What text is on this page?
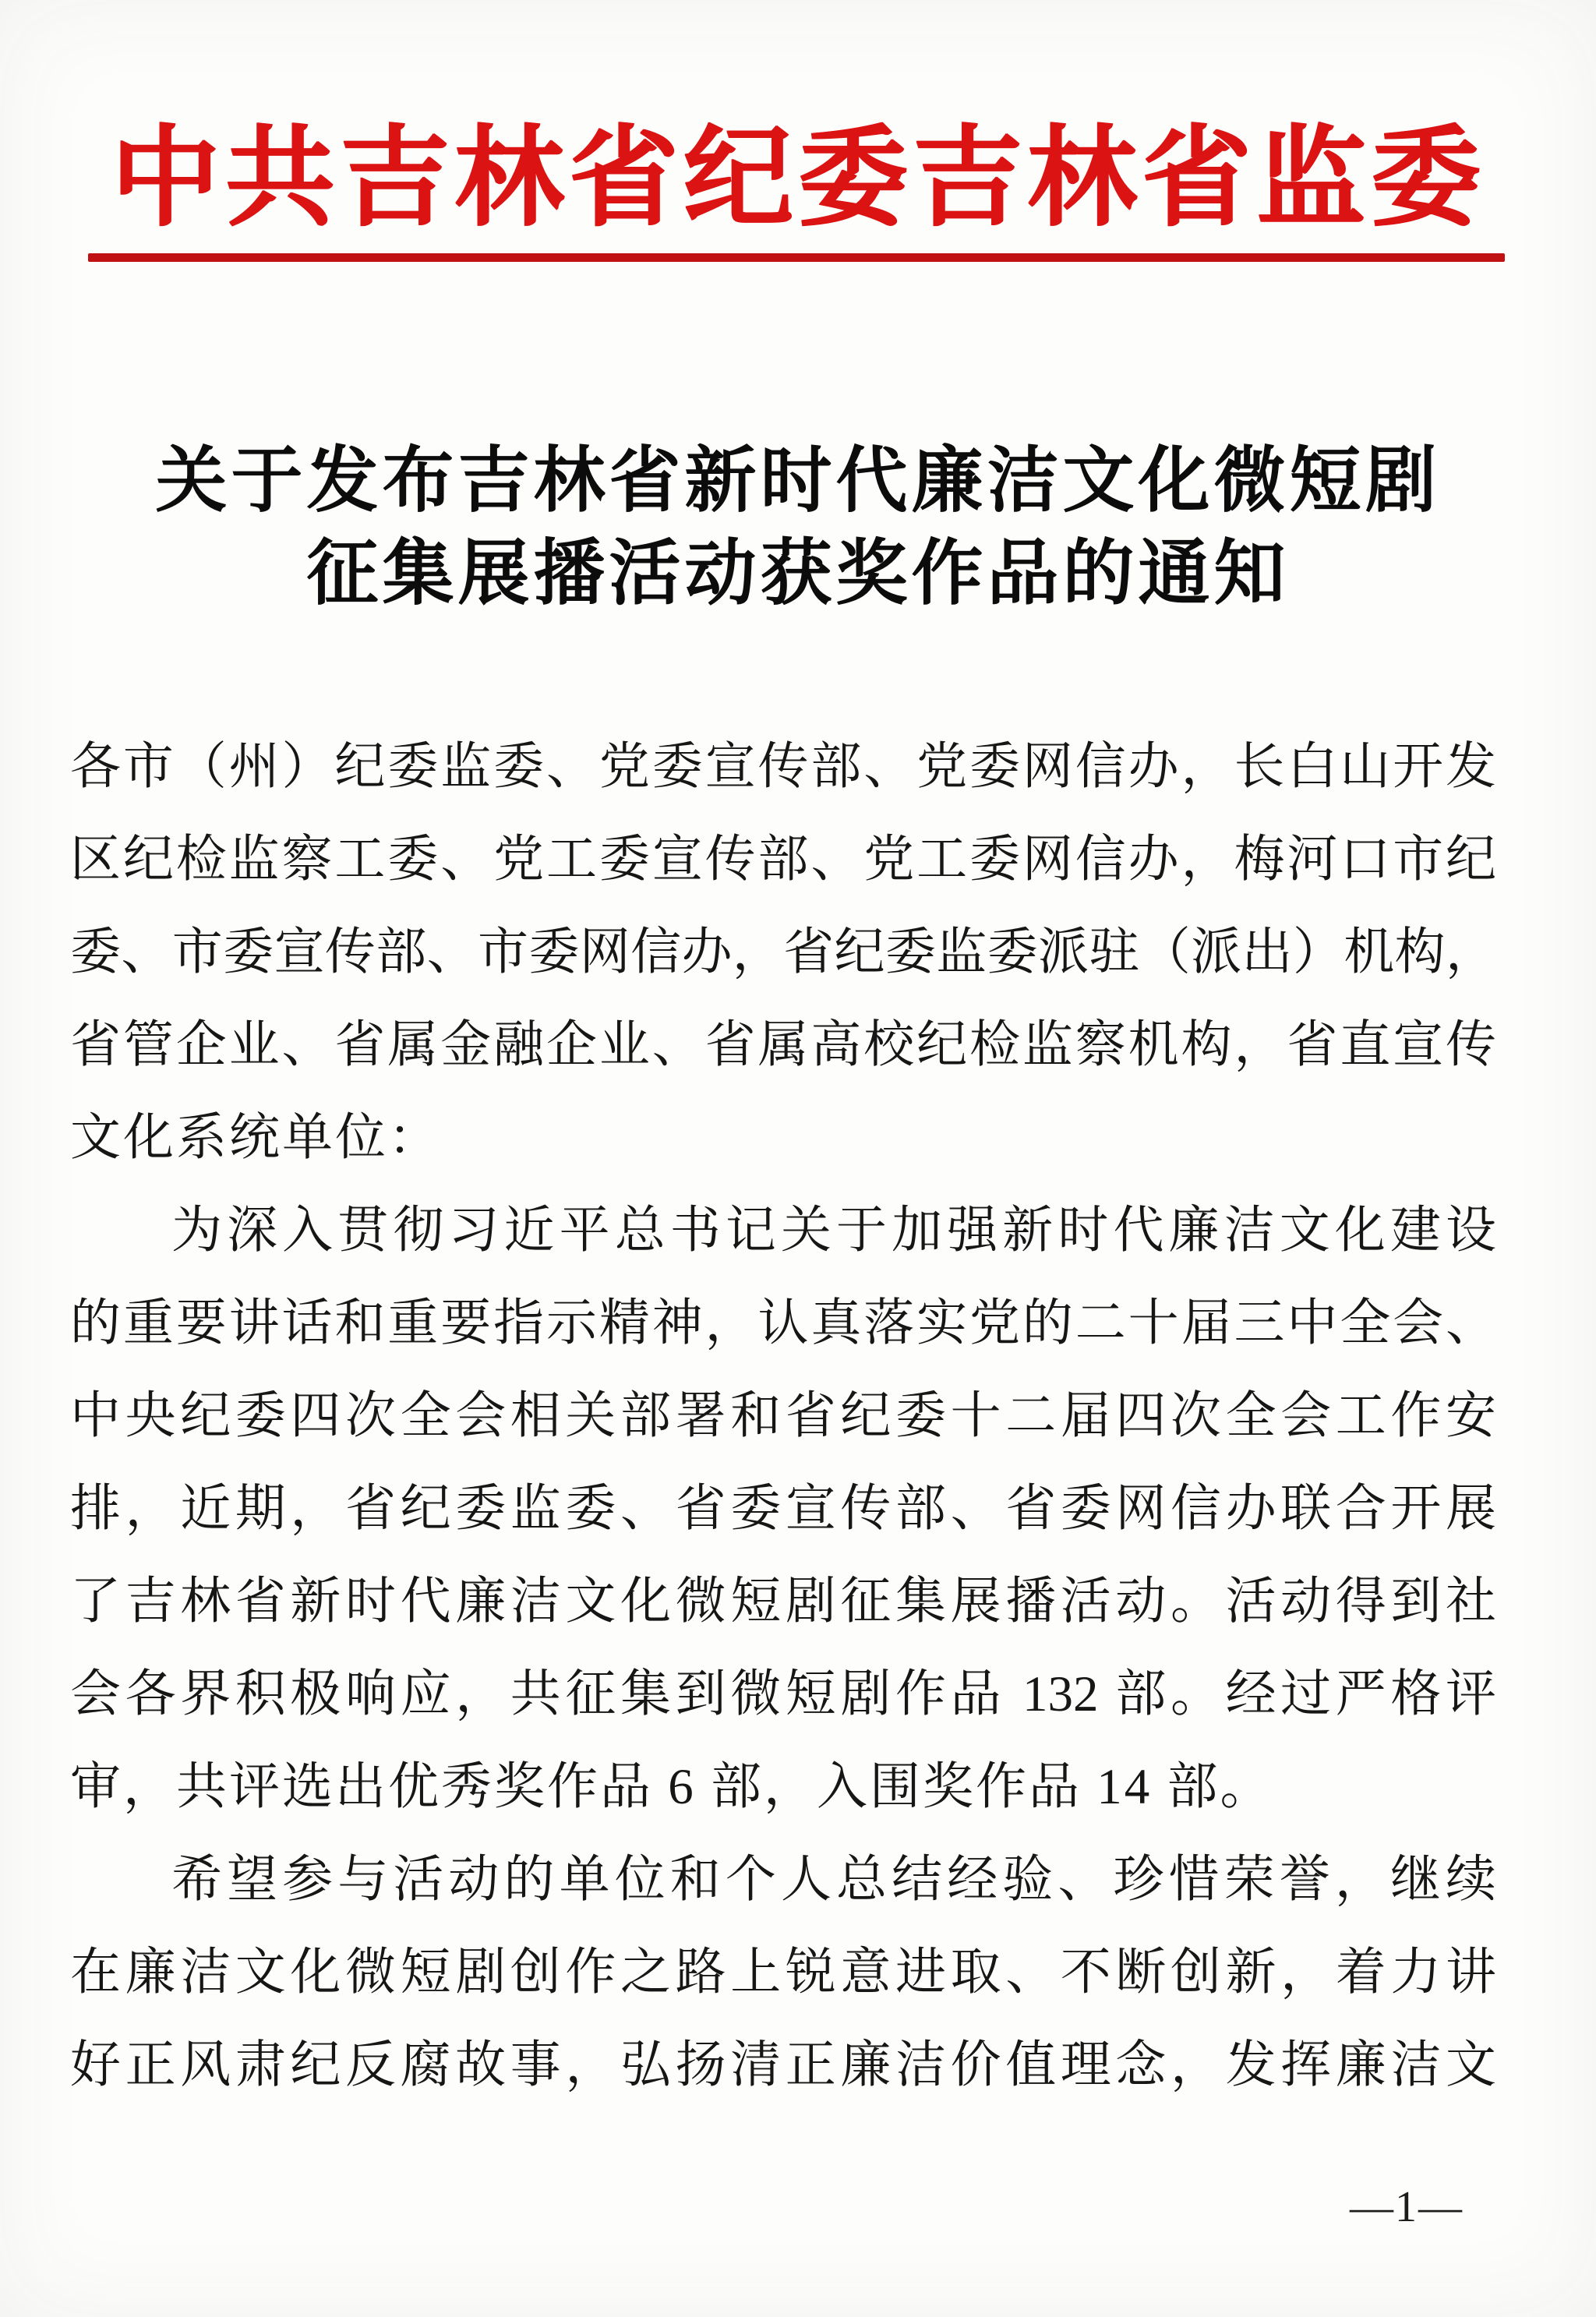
中共吉林省纪委吉林省监委
关于发布吉林省新时代廉洁文化微短剧
征集展播活动获奖作品的通知
各市（州）纪委监委、党委宣传部、党委网信办，长白山开发
区纪检监察工委、党工委宣传部、党工委网信办，梅河口市纪
委、市委宣传部、市委网信办，省纪委监委派驻（派出）机构，
省管企业、省属金融企业、省属高校纪检监察机构，省直宣传
文化系统单位：
为深入贯彻习近平总书记关于加强新时代廉洁文化建设
的重要讲话和重要指示精神，认真落实党的二十届三中全会、
中央纪委四次全会相关部署和省纪委十二届四次全会工作安
排，近期，省纪委监委、省委宣传部、省委网信办联合开展
了吉林省新时代廉洁文化微短剧征集展播活动。活动得到社
会各界积极响应，共征集到微短剧作品 132 部。经过严格评
审，共评选出优秀奖作品 6 部，入围奖作品 14 部。
希望参与活动的单位和个人总结经验、珍惜荣誉，继续
在廉洁文化微短剧创作之路上锐意进取、不断创新，着力讲
好正风肃纪反腐故事，弘扬清正廉洁价值理念，发挥廉洁文
—1—
